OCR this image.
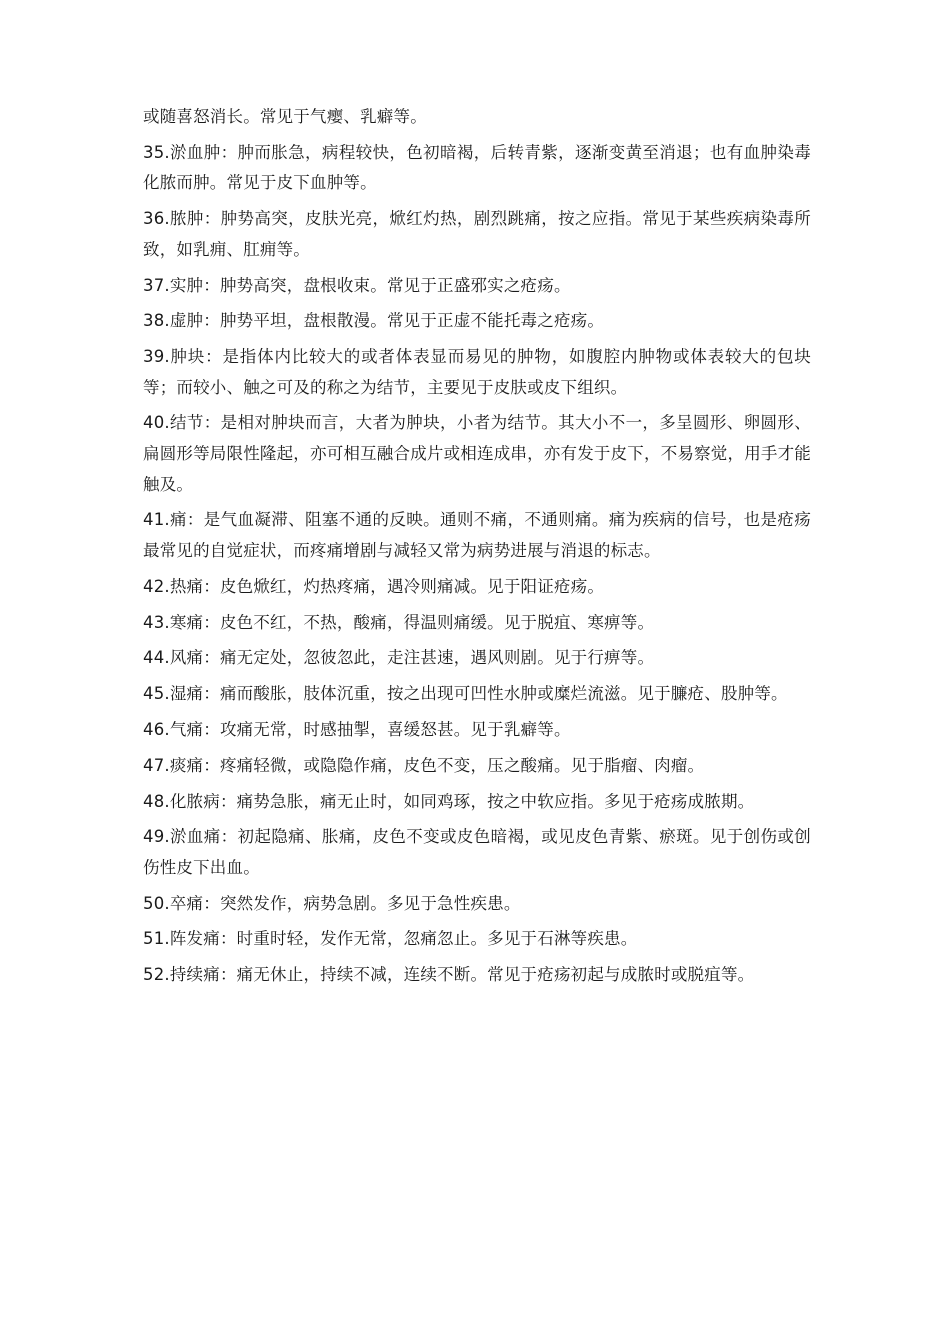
或随喜怒消长。常见于气瘿、乳癖等。

35.淤血肿：肿而胀急，病程较快，色初暗褐，后转青紫，逐渐变黄至消退；也有血肿染毒化脓而肿。常见于皮下血肿等。

36.脓肿：肿势高突，皮肤光亮，焮红灼热，剧烈跳痛，按之应指。常见于某些疾病染毒所致，如乳痈、肛痈等。

37.实肿：肿势高突，盘根收束。常见于正盛邪实之疮疡。

38.虚肿：肿势平坦，盘根散漫。常见于正虚不能托毒之疮疡。

39.肿块：是指体内比较大的或者体表显而易见的肿物，如腹腔内肿物或体表较大的包块等；而较小、触之可及的称之为结节，主要见于皮肤或皮下组织。

40.结节：是相对肿块而言，大者为肿块，小者为结节。其大小不一，多呈圆形、卵圆形、扁圆形等局限性隆起，亦可相互融合成片或相连成串，亦有发于皮下，不易察觉，用手才能触及。

41.痛：是气血凝滞、阻塞不通的反映。通则不痛，不通则痛。痛为疾病的信号，也是疮疡最常见的自觉症状，而疼痛增剧与减轻又常为病势进展与消退的标志。

42.热痛：皮色焮红，灼热疼痛，遇冷则痛减。见于阳证疮疡。

43.寒痛：皮色不红，不热，酸痛，得温则痛缓。见于脱疽、寒痹等。

44.风痛：痛无定处，忽彼忽此，走注甚速，遇风则剧。见于行痹等。

45.湿痛：痛而酸胀，肢体沉重，按之出现可凹性水肿或糜烂流滋。见于臁疮、股肿等。

46.气痛：攻痛无常，时感抽掣，喜缓怒甚。见于乳癖等。

47.痰痛：疼痛轻微，或隐隐作痛，皮色不变，压之酸痛。见于脂瘤、肉瘤。

48.化脓病：痛势急胀，痛无止时，如同鸡琢，按之中软应指。多见于疮疡成脓期。

49.淤血痛：初起隐痛、胀痛，皮色不变或皮色暗褐，或见皮色青紫、瘀斑。见于创伤或创伤性皮下出血。

50.卒痛：突然发作，病势急剧。多见于急性疾患。

51.阵发痛：时重时轻，发作无常，忽痛忽止。多见于石淋等疾患。

52.持续痛：痛无休止，持续不减，连续不断。常见于疮疡初起与成脓时或脱疽等。
